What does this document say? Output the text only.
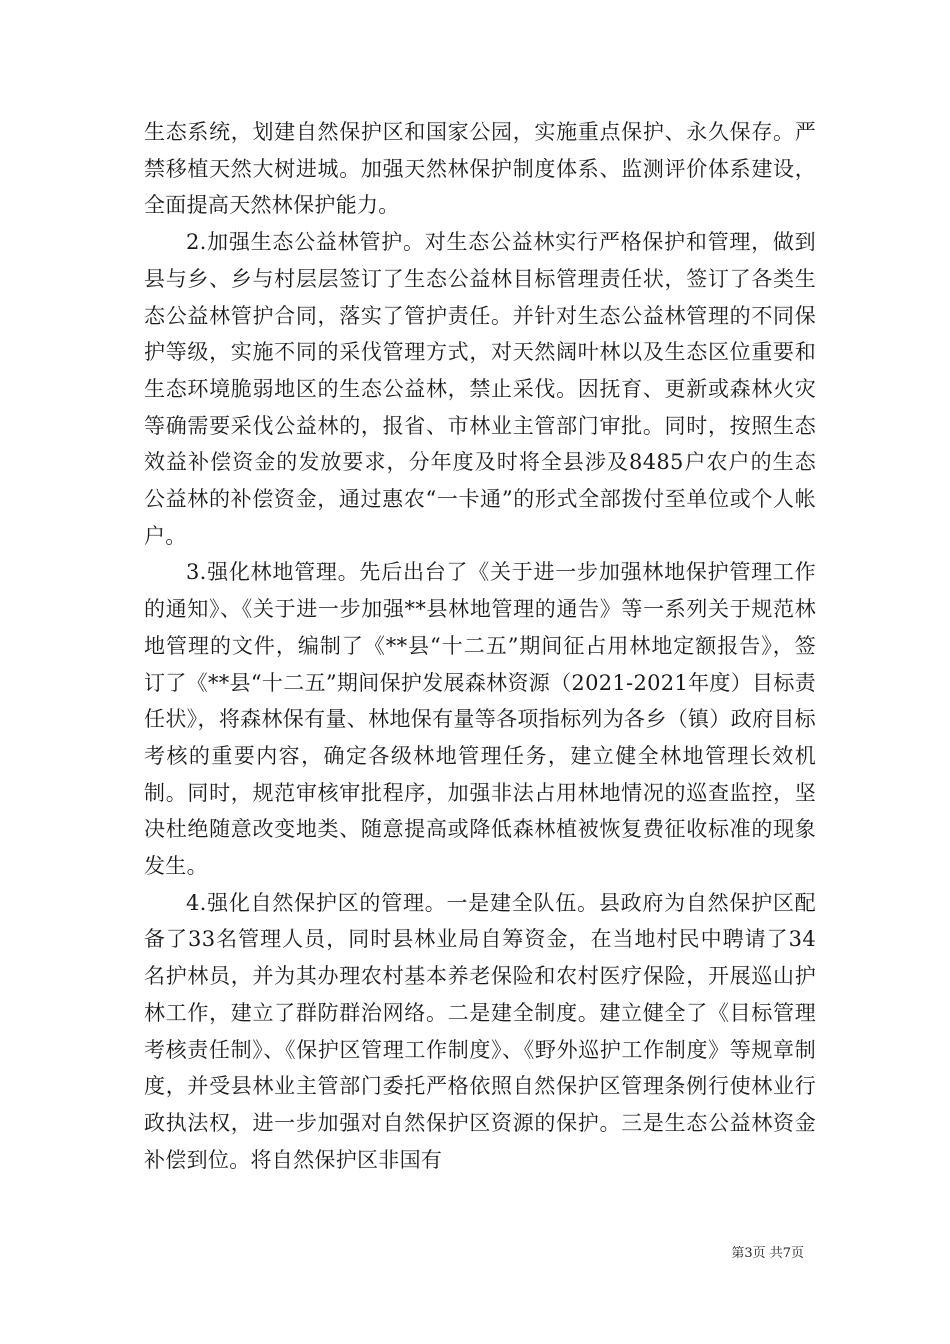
生态系统，划建自然保护区和国家公园，实施重点保护、永久保存。严禁移植天然大树进城。加强天然林保护制度体系、监测评价体系建设，全面提高天然林保护能力。

2.加强生态公益林管护。对生态公益林实行严格保护和管理，做到县与乡、乡与村层层签订了生态公益林目标管理责任状，签订了各类生态公益林管护合同，落实了管护责任。并针对生态公益林管理的不同保护等级，实施不同的采伐管理方式，对天然阔叶林以及生态区位重要和生态环境脆弱地区的生态公益林，禁止采伐。因抚育、更新或森林火灾等确需要采伐公益林的，报省、市林业主管部门审批。同时，按照生态效益补偿资金的发放要求，分年度及时将全县涉及8485户农户的生态公益林的补偿资金，通过惠农“一卡通”的形式全部拨付至单位或个人帐户。

3.强化林地管理。先后出台了《关于进一步加强林地保护管理工作的通知》、《关于进一步加强**县林地管理的通告》等一系列关于规范林地管理的文件，编制了《**县“十二五”期间征占用林地定额报告》，签订了《**县“十二五”期间保护发展森林资源（2021-2021年度）目标责任状》，将森林保有量、林地保有量等各项指标列为各乡（镇）政府目标考核的重要内容，确定各级林地管理任务，建立健全林地管理长效机制。同时，规范审核审批程序，加强非法占用林地情况的巡查监控，坚决杜绝随意改变地类、随意提高或降低森林植被恢复费征收标准的现象发生。

4.强化自然保护区的管理。一是建全队伍。县政府为自然保护区配备了33名管理人员，同时县林业局自筹资金，在当地村民中聘请了34名护林员，并为其办理农村基本养老保险和农村医疗保险，开展巡山护林工作，建立了群防群治网络。二是建全制度。建立健全了《目标管理考核责任制》、《保护区管理工作制度》、《野外巡护工作制度》等规章制度，并受县林业主管部门委托严格依照自然保护区管理条例行使林业行政执法权，进一步加强对自然保护区资源的保护。三是生态公益林资金补偿到位。将自然保护区非国有

第3页 共7页
